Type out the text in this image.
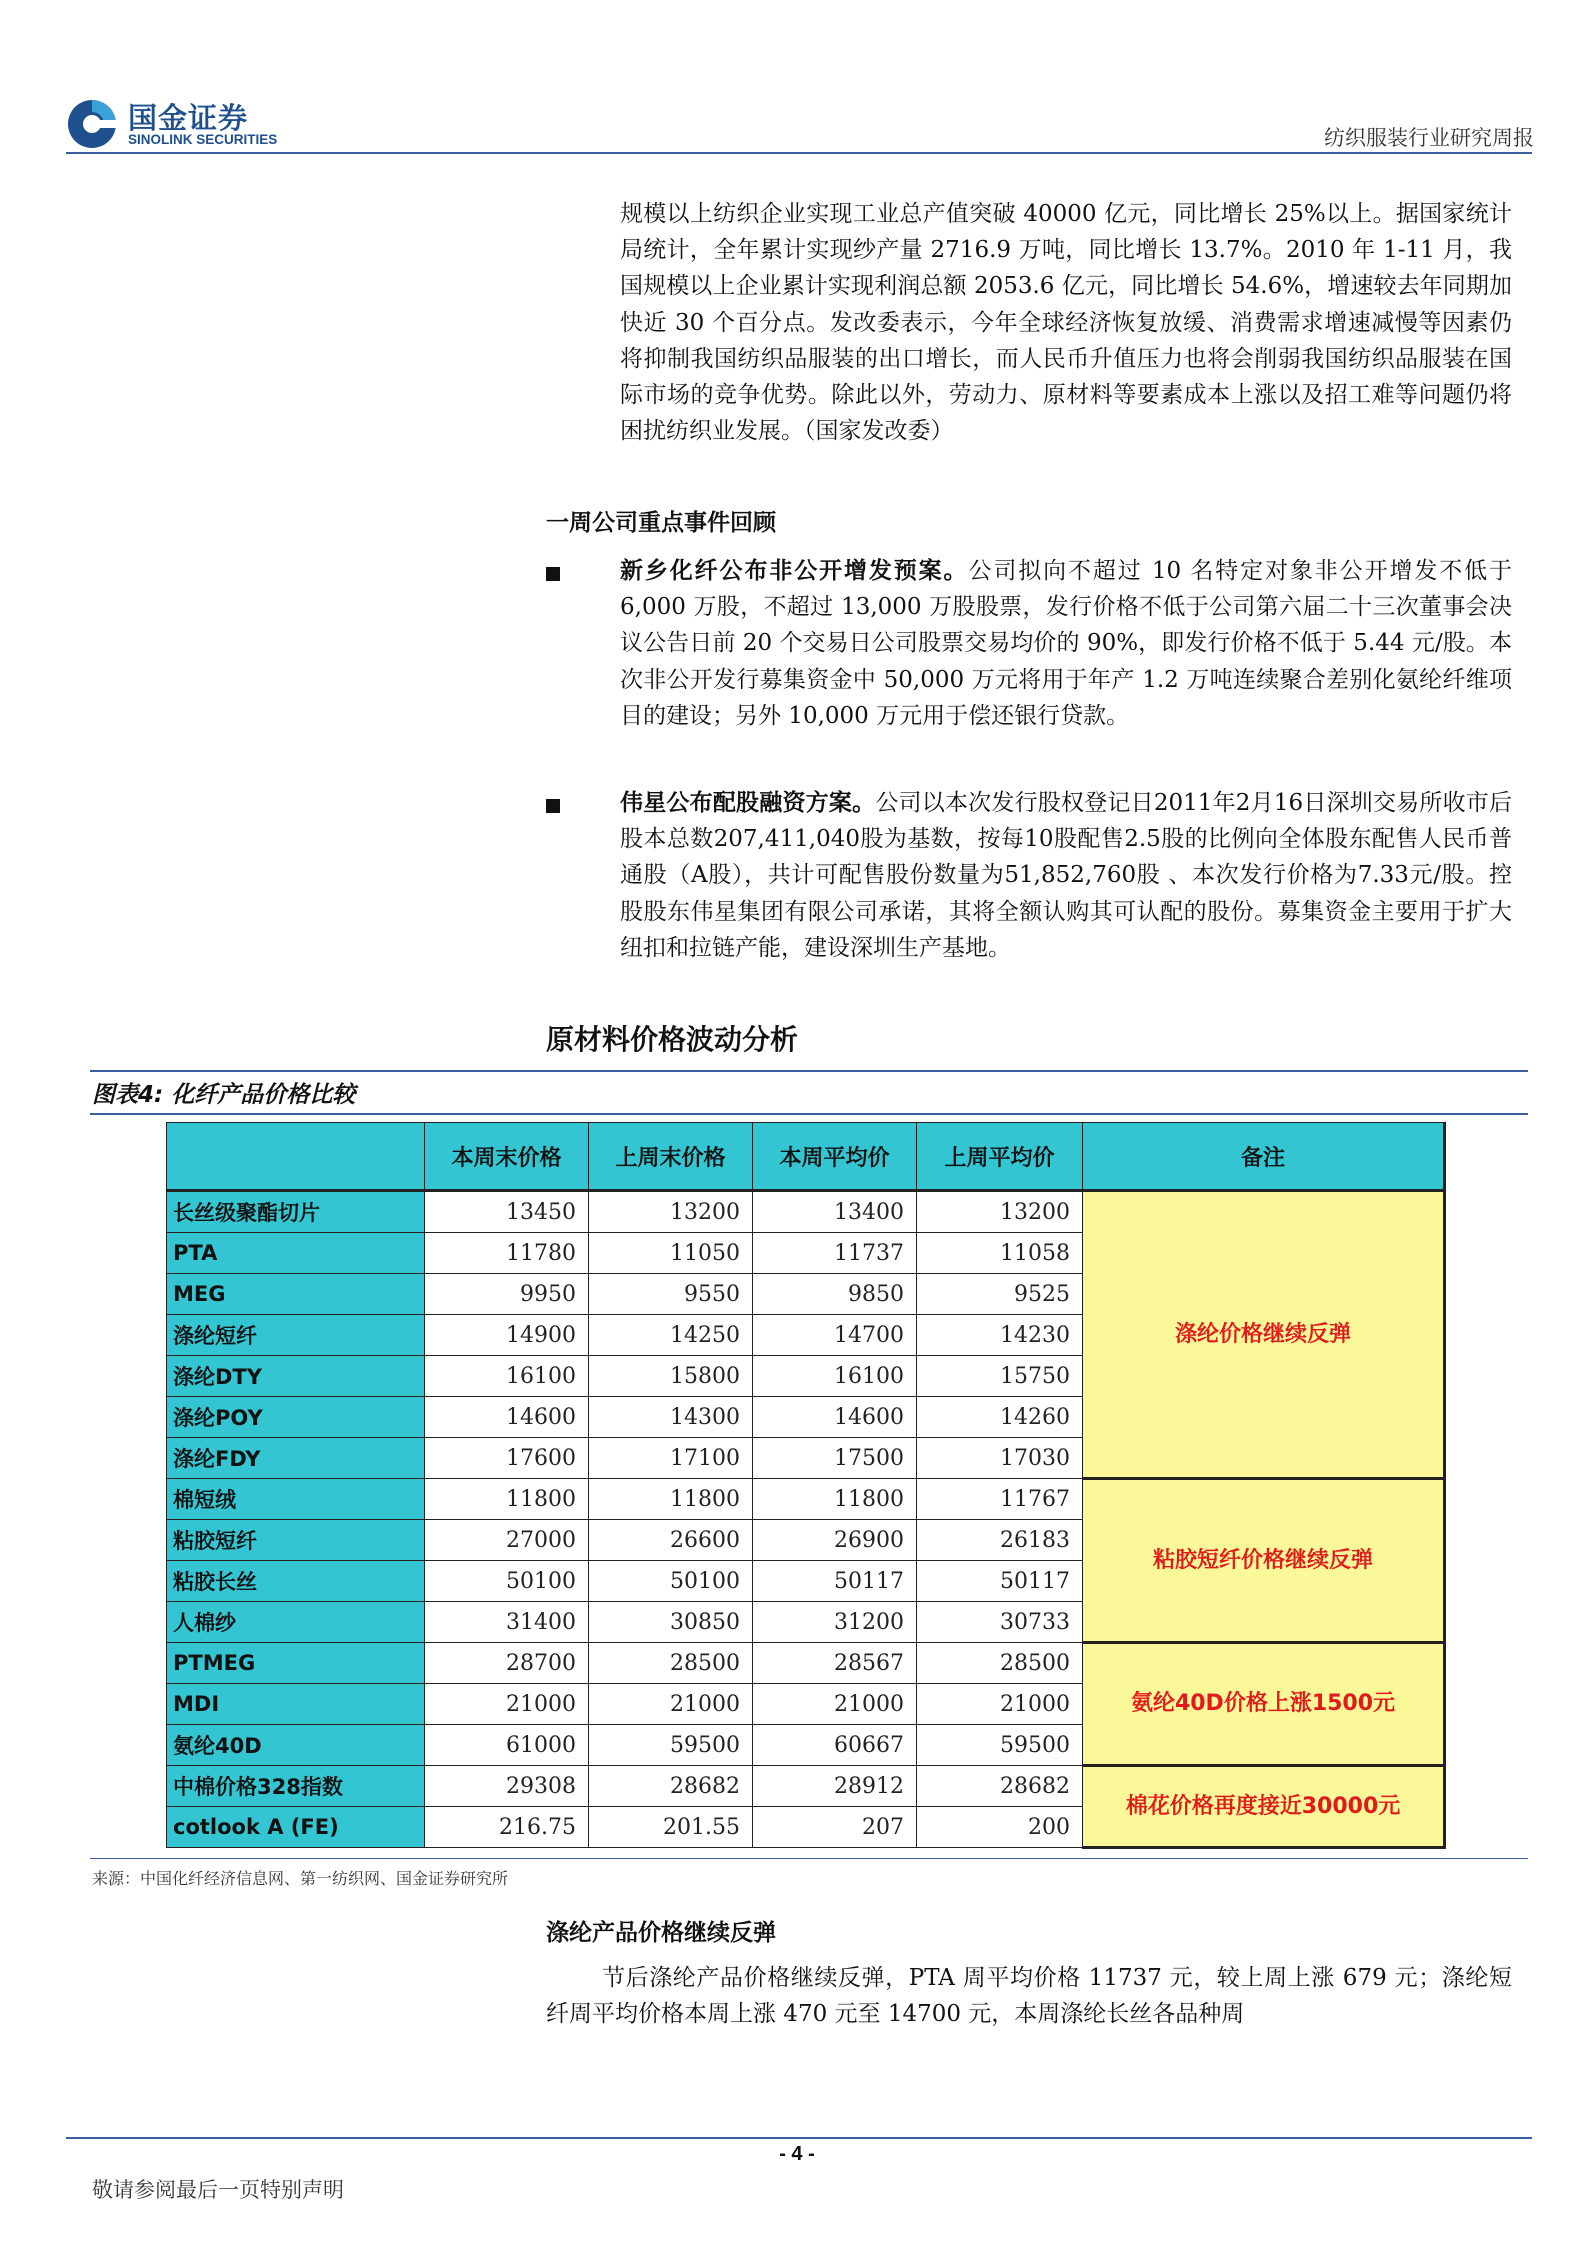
国金证券
SINOLINK SECURITIES	纺织服装行业研究周报
规模以上纺织企业实现工业总产值突破 40000 亿元，同比增长 25%以上。据国家统计局统计，全年累计实现纱产量 2716.9 万吨，同比增长 13.7%。2010 年 1-11 月，我国规模以上企业累计实现利润总额 2053.6 亿元，同比增长 54.6%，增速较去年同期加快近 30 个百分点。发改委表示，今年全球经济恢复放缓、消费需求增速减慢等因素仍将抑制我国纺织品服装的出口增长，而人民币升值压力也将会削弱我国纺织品服装在国际市场的竞争优势。除此以外，劳动力、原材料等要素成本上涨以及招工难等问题仍将困扰纺织业发展。（国家发改委）
一周公司重点事件回顾
新乡化纤公布非公开增发预案。公司拟向不超过 10 名特定对象非公开增发不低于 6,000 万股，不超过 13,000 万股股票，发行价格不低于公司第六届二十三次董事会决议公告日前 20 个交易日公司股票交易均价的 90%，即发行价格不低于 5.44 元/股。本次非公开发行募集资金中 50,000 万元将用于年产 1.2 万吨连续聚合差别化氨纶纤维项目的建设；另外 10,000 万元用于偿还银行贷款。
伟星公布配股融资方案。公司以本次发行股权登记日2011年2月16日深圳交易所收市后股本总数207,411,040股为基数，按每10股配售2.5股的比例向全体股东配售人民币普通股（A股），共计可配售股份数量为51,852,760股 、本次发行价格为7.33元/股。控股股东伟星集团有限公司承诺，其将全额认购其可认配的股份。募集资金主要用于扩大纽扣和拉链产能，建设深圳生产基地。
原材料价格波动分析
图表4: 化纤产品价格比较
	本周末价格	上周末价格	本周平均价	上周平均价	备注
长丝级聚酯切片	13450	13200	13400	13200	涤纶价格继续反弹
PTA	11780	11050	11737	11058	
MEG	9950	9550	9850	9525	
涤纶短纤	14900	14250	14700	14230	
涤纶DTY	16100	15800	16100	15750	
涤纶POY	14600	14300	14600	14260	
涤纶FDY	17600	17100	17500	17030	
棉短绒	11800	11800	11800	11767	粘胶短纤价格继续反弹
粘胶短纤	27000	26600	26900	26183	
粘胶长丝	50100	50100	50117	50117	
人棉纱	31400	30850	31200	30733	
PTMEG	28700	28500	28567	28500	氨纶40D价格上涨1500元
MDI	21000	21000	21000	21000	
氨纶40D	61000	59500	60667	59500	
中棉价格328指数	29308	28682	28912	28682	棉花价格再度接近30000元
cotlook A (FE)	216.75	201.55	207	200	
来源：中国化纤经济信息网、第一纺织网、国金证券研究所
涤纶产品价格继续反弹
节后涤纶产品价格继续反弹，PTA 周平均价格 11737 元，较上周上涨 679 元；涤纶短纤周平均价格本周上涨 470 元至 14700 元，本周涤纶长丝各品种周
- 4 -
敬请参阅最后一页特别声明
